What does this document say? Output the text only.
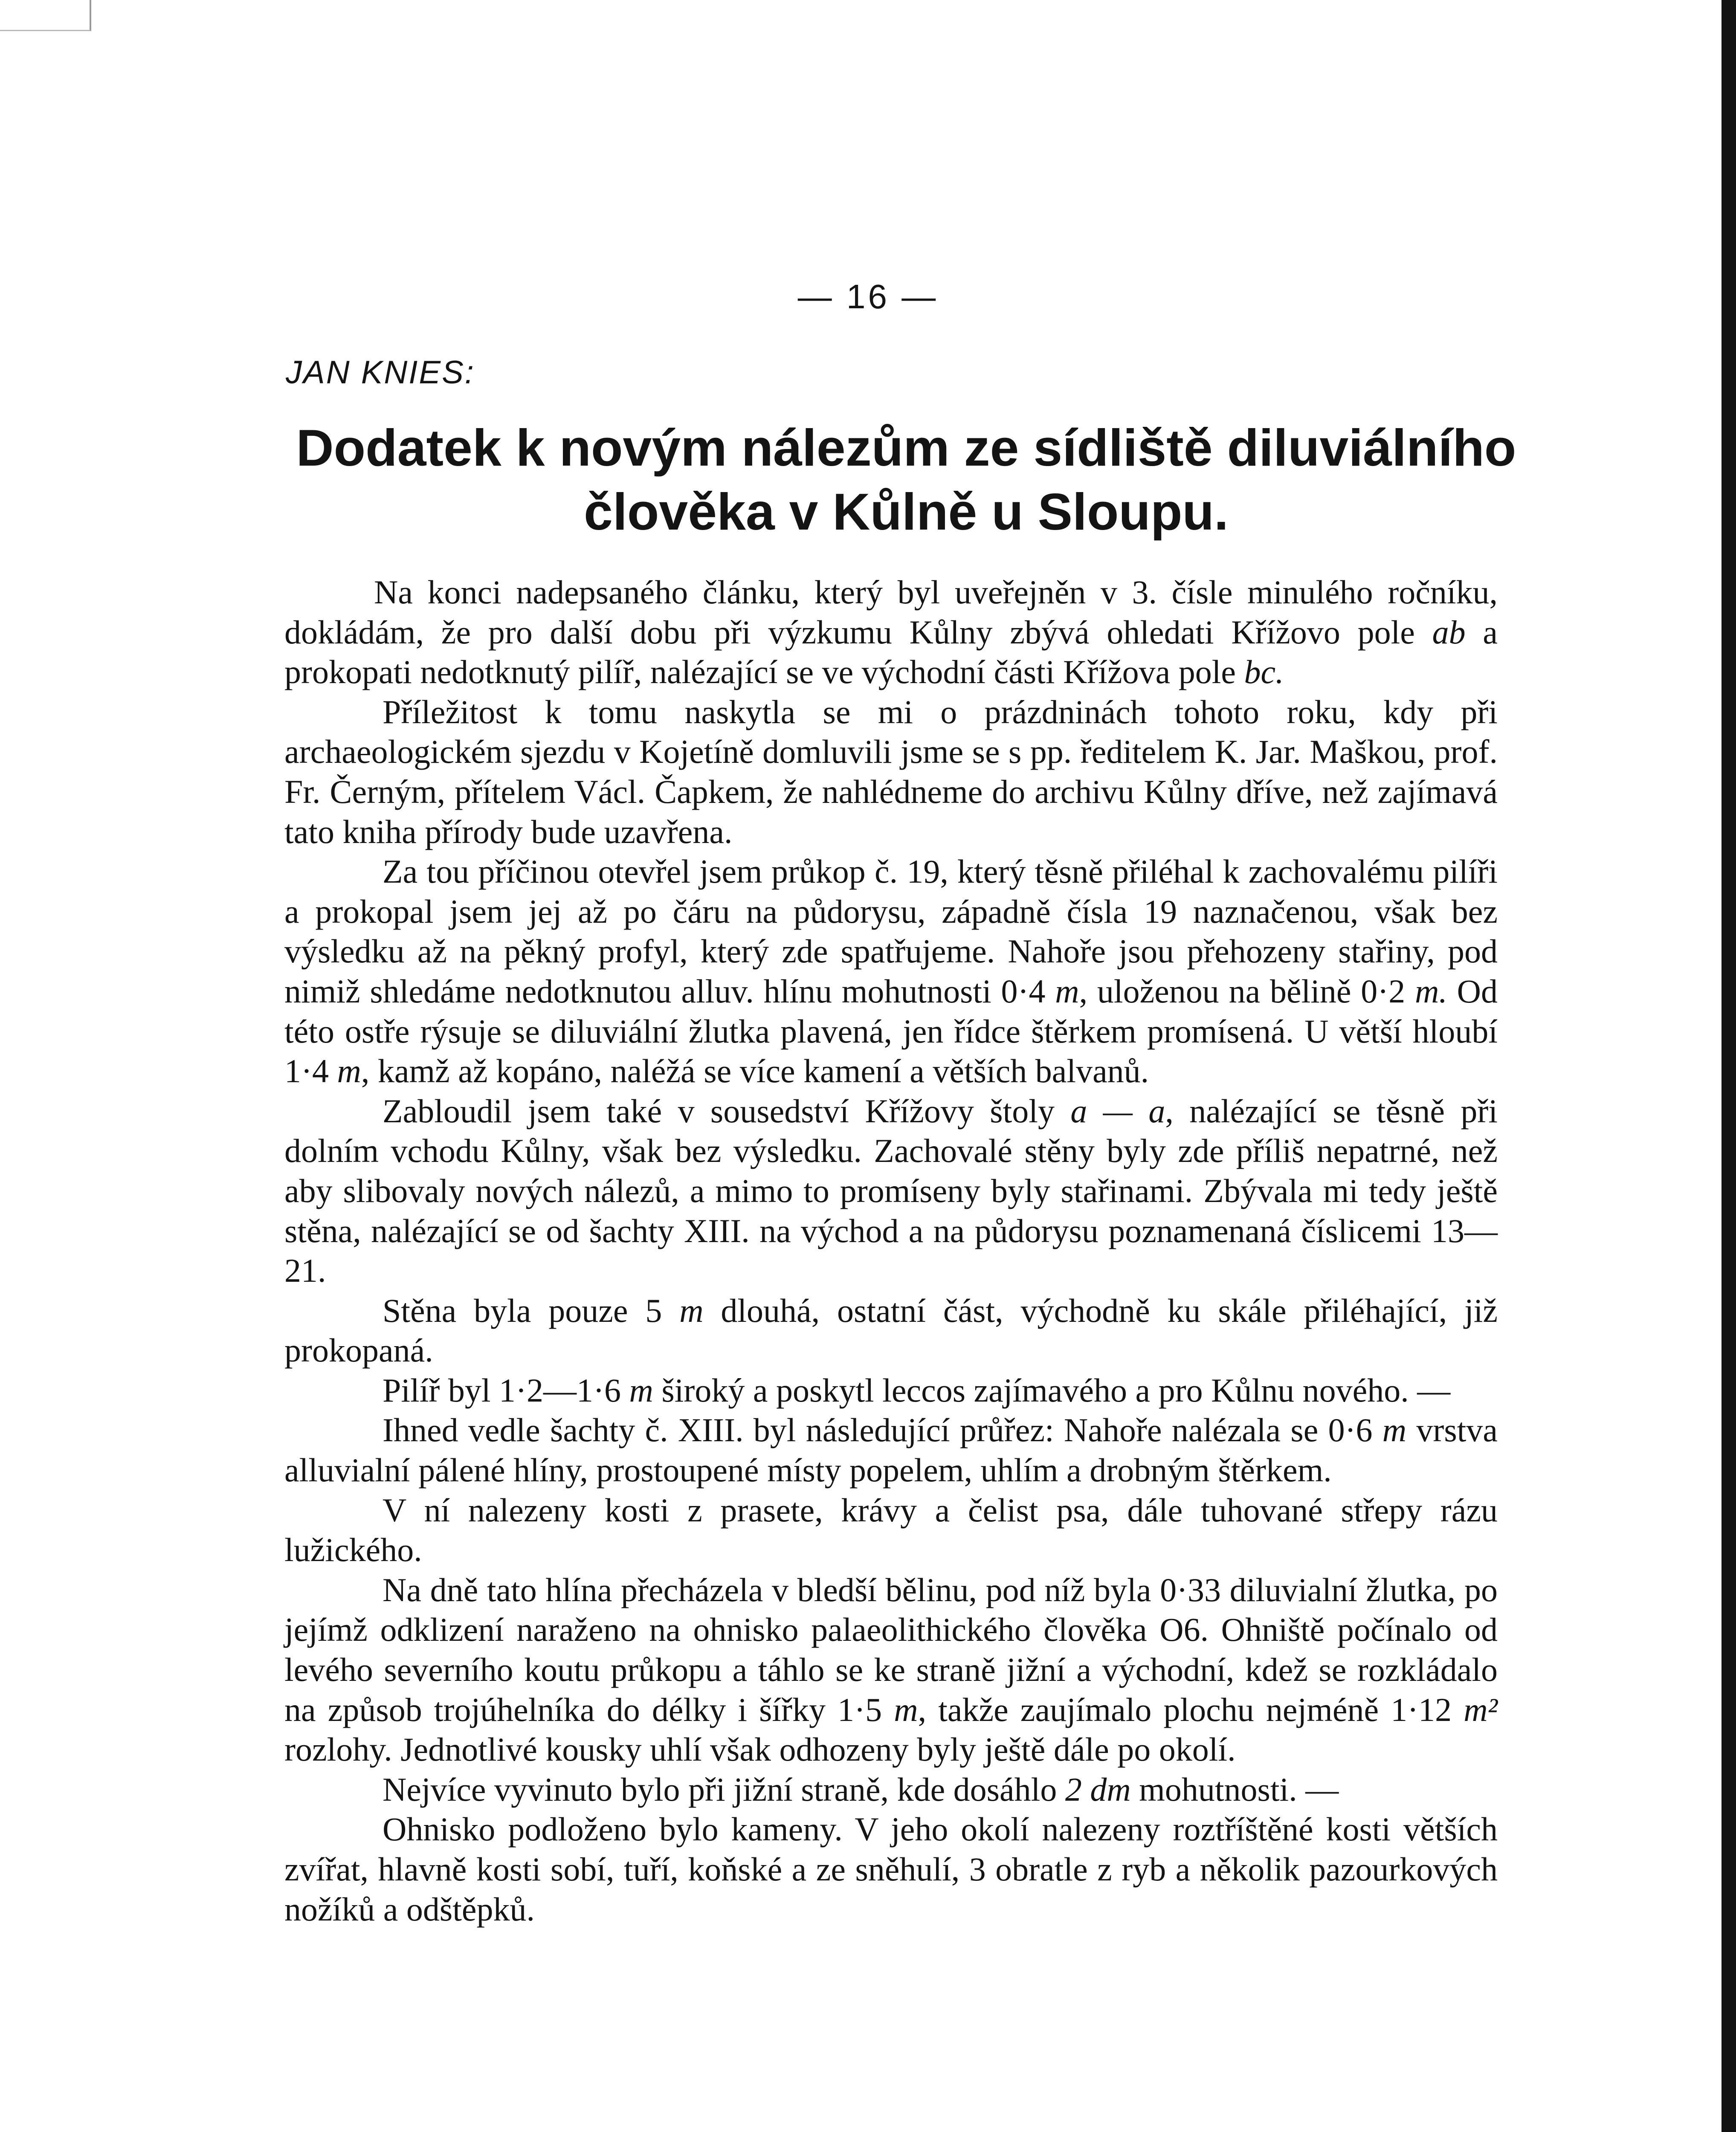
— 16 —
JAN KNIES:
Dodatek k novým nálezům ze sídliště diluviálního člověka v Kůlně u Sloupu.

Na konci nadepsaného článku, který byl uveřejněn v 3. čísle minulého ročníku, dokládám, že pro další dobu při výzkumu Kůlny zbývá ohledati Křížovo pole ab a prokopati nedotknutý pilíř, nalézající se ve východní části Křížova pole bc.

Příležitost k tomu naskytla se mi o prázdninách tohoto roku, kdy při archaeologickém sjezdu v Kojetíně domluvili jsme se s pp. ředitelem K. Jar. Maškou, prof. Fr. Černým, přítelem Václ. Čapkem, že nahlédneme do archivu Kůlny dříve, než zajímavá tato kniha přírody bude uzavřena.

Za tou příčinou otevřel jsem průkop č. 19, který těsně přiléhal k zachovalému pilíři a prokopal jsem jej až po čáru na půdorysu, západně čísla 19 naznačenou, však bez výsledku až na pěkný profyl, který zde spatřujeme. Nahoře jsou přehozeny stařiny, pod nimiž shledáme nedotknutou alluv. hlínu mohutnosti 0·4 m, uloženou na bělině 0·2 m. Od této ostře rýsuje se diluviální žlutka plavená, jen řídce štěrkem promísená. U větší hloubí 1·4 m, kamž až kopáno, naléžá se více kamení a větších balvanů.

Zabloudil jsem také v sousedství Křížovy štoly a — a, nalézající se těsně při dolním vchodu Kůlny, však bez výsledku. Zachovalé stěny byly zde příliš nepatrné, než aby slibovaly nových nálezů, a mimo to promíseny byly stařinami. Zbývala mi tedy ještě stěna, nalézající se od šachty XIII. na východ a na půdorysu poznamenaná číslicemi 13—21.

Stěna byla pouze 5 m dlouhá, ostatní část, východně ku skále přiléhající, již prokopaná.

Pilíř byl 1·2—1·6 m široký a poskytl leccos zajímavého a pro Kůlnu nového. —

Ihned vedle šachty č. XIII. byl následující průřez: Nahoře nalézala se 0·6 m vrstva alluvialní pálené hlíny, prostoupené místy popelem, uhlím a drobným štěrkem.

V ní nalezeny kosti z prasete, krávy a čelist psa, dále tuhované střepy rázu lužického.

Na dně tato hlína přecházela v bledší bělinu, pod níž byla 0·33 diluvialní žlutka, po jejímž odklizení naraženo na ohnisko palaeolithického člověka O6. Ohniště počínalo od levého severního koutu průkopu a táhlo se ke straně jižní a východní, kdež se rozkládalo na způsob trojúhelníka do délky i šířky 1·5 m, takže zaujímalo plochu nejméně 1·12 m² rozlohy. Jednotlivé kousky uhlí však odhozeny byly ještě dále po okolí.

Nejvíce vyvinuto bylo při jižní straně, kde dosáhlo 2 dm mohutnosti. —

Ohnisko podloženo bylo kameny. V jeho okolí nalezeny roztříštěné kosti větších zvířat, hlavně kosti sobí, tuří, koňské a ze sněhulí, 3 obratle z ryb a několik pazourkových nožíků a odštěpků.
